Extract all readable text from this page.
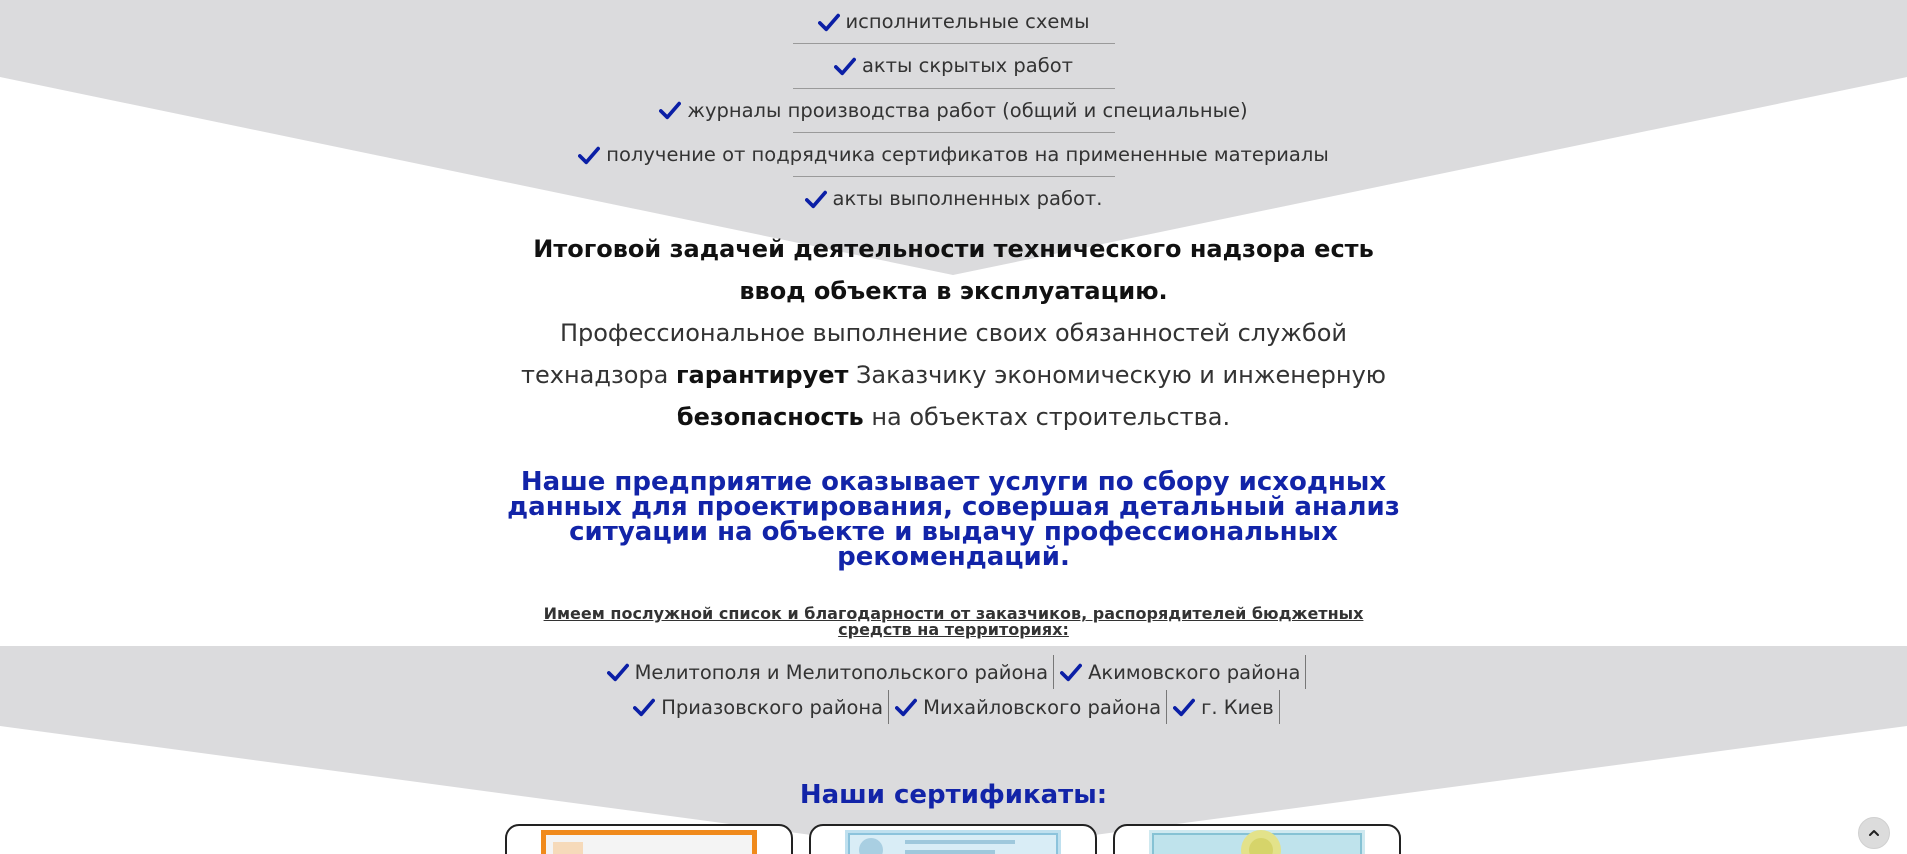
исполнительные схемы
акты скрытых работ
журналы производства работ (общий и специальные)
получение от подрядчика сертификатов на примененные материалы
акты выполненных работ.
Итоговой задачей деятельности технического надзора есть ввод объекта в эксплуатацию.
Профессиональное выполнение своих обязанностей службой технадзора гарантирует Заказчику экономическую и инженерную безопасность на объектах строительства.
Наше предприятие оказывает услуги по сбору исходных данных для проектирования, совершая детальный анализ ситуации на объекте и выдачу профессиональных рекомендаций.
Имеем послужной список и благодарности от заказчиков, распорядителей бюджетных средств на территориях:
Мелитополя и Мелитопольского района Акимовского района
Приазовского района Михайловского района г. Киев
Наши сертификаты:
